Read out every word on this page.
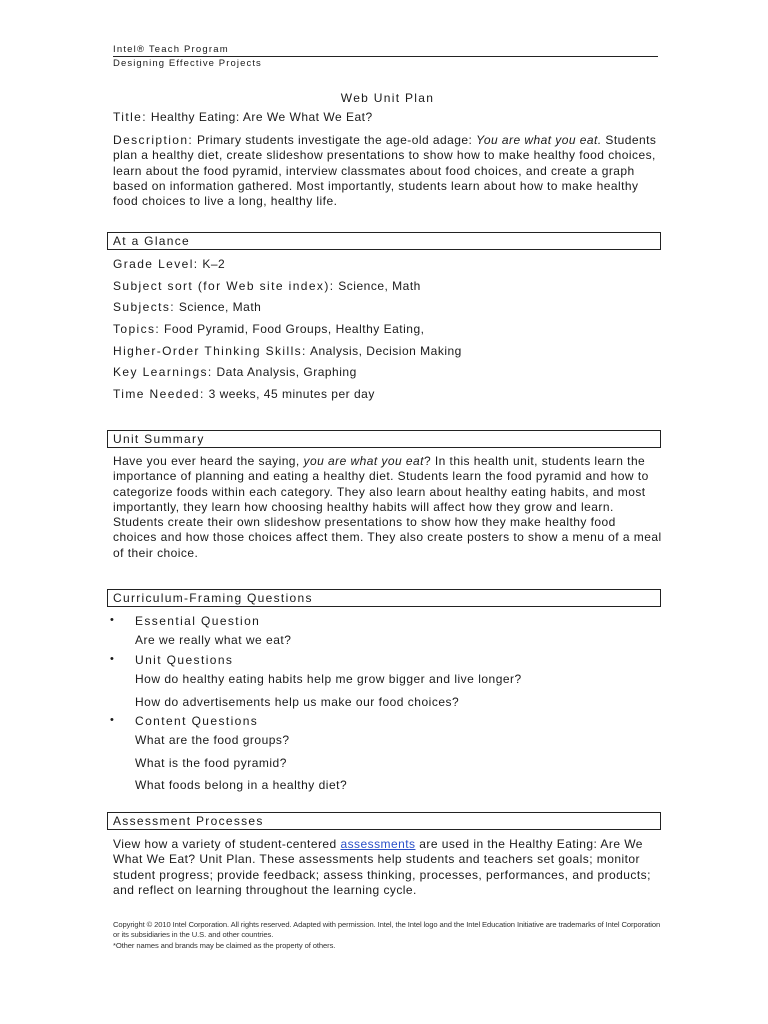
Intel® Teach Program
Designing Effective Projects
Web Unit Plan
Title: Healthy Eating: Are We What We Eat?
Description: Primary students investigate the age-old adage: You are what you eat. Students plan a healthy diet, create slideshow presentations to show how to make healthy food choices, learn about the food pyramid, interview classmates about food choices, and create a graph based on information gathered. Most importantly, students learn about how to make healthy food choices to live a long, healthy life.
At a Glance
Grade Level: K–2
Subject sort (for Web site index): Science, Math
Subjects: Science, Math
Topics: Food Pyramid, Food Groups, Healthy Eating,
Higher-Order Thinking Skills: Analysis, Decision Making
Key Learnings: Data Analysis, Graphing
Time Needed: 3 weeks, 45 minutes per day
Unit Summary
Have you ever heard the saying, you are what you eat? In this health unit, students learn the importance of planning and eating a healthy diet. Students learn the food pyramid and how to categorize foods within each category. They also learn about healthy eating habits, and most importantly, they learn how choosing healthy habits will affect how they grow and learn. Students create their own slideshow presentations to show how they make healthy food choices and how those choices affect them. They also create posters to show a menu of a meal of their choice.
Curriculum-Framing Questions
• Essential Question
Are we really what we eat?
• Unit Questions
How do healthy eating habits help me grow bigger and live longer?
How do advertisements help us make our food choices?
• Content Questions
What are the food groups?
What is the food pyramid?
What foods belong in a healthy diet?
Assessment Processes
View how a variety of student-centered assessments are used in the Healthy Eating: Are We What We Eat? Unit Plan. These assessments help students and teachers set goals; monitor student progress; provide feedback; assess thinking, processes, performances, and products; and reflect on learning throughout the learning cycle.
Copyright © 2010 Intel Corporation. All rights reserved. Adapted with permission. Intel, the Intel logo and the Intel Education Initiative are trademarks of Intel Corporation or its subsidiaries in the U.S. and other countries.
*Other names and brands may be claimed as the property of others.
